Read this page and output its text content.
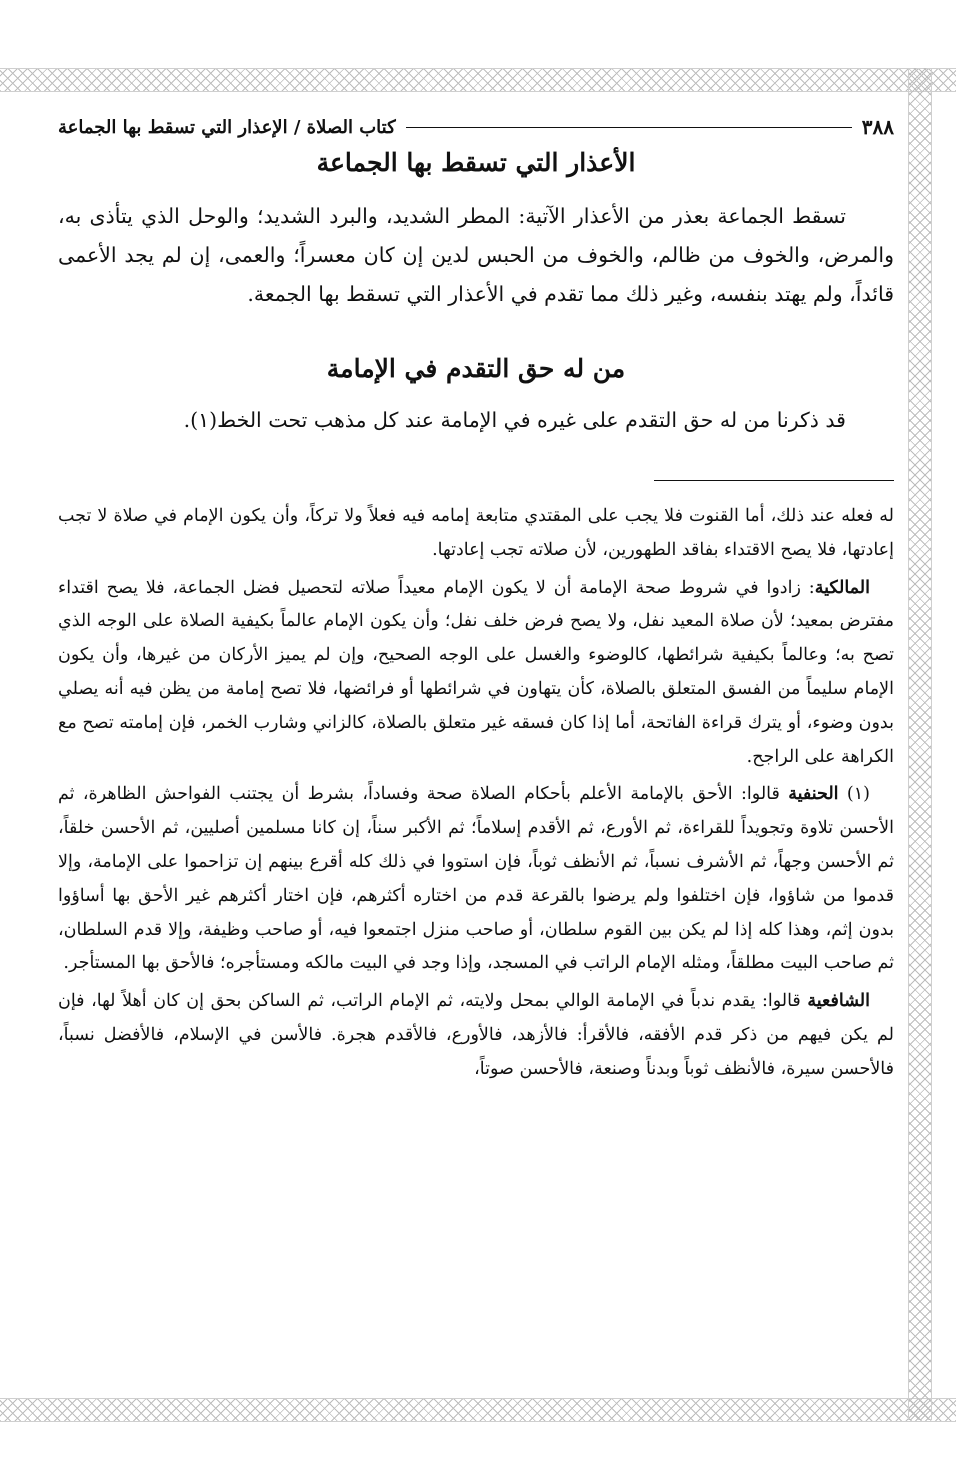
٣٨٨
كتاب الصلاة / الإعذار التي تسقط بها الجماعة
الأعذار التي تسقط بها الجماعة

تسقط الجماعة بعذر من الأعذار الآتية: المطر الشديد، والبرد الشديد؛ والوحل الذي يتأذى به، والمرض، والخوف من ظالم، والخوف من الحبس لدين إن كان معسراً؛ والعمى، إن لم يجد الأعمى قائداً، ولم يهتد بنفسه، وغير ذلك مما تقدم في الأعذار التي تسقط بها الجمعة.

من له حق التقدم في الإمامة

قد ذكرنا من له حق التقدم على غيره في الإمامة عند كل مذهب تحت الخط(١).

له فعله عند ذلك، أما القنوت فلا يجب على المقتدي متابعة إمامه فيه فعلاً ولا تركاً، وأن يكون الإمام في صلاة لا تجب إعادتها، فلا يصح الاقتداء بفاقد الطهورين، لأن صلاته تجب إعادتها.

المالكية: زادوا في شروط صحة الإمامة أن لا يكون الإمام معيداً صلاته لتحصيل فضل الجماعة، فلا يصح اقتداء مفترض بمعيد؛ لأن صلاة المعيد نفل، ولا يصح فرض خلف نفل؛ وأن يكون الإمام عالماً بكيفية الصلاة على الوجه الذي تصح به؛ وعالماً بكيفية شرائطها، كالوضوء والغسل على الوجه الصحيح، وإن لم يميز الأركان من غيرها، وأن يكون الإمام سليماً من الفسق المتعلق بالصلاة، كأن يتهاون في شرائطها أو فرائضها، فلا تصح إمامة من يظن فيه أنه يصلي بدون وضوء، أو يترك قراءة الفاتحة، أما إذا كان فسقه غير متعلق بالصلاة، كالزاني وشارب الخمر، فإن إمامته تصح مع الكراهة على الراجح.

(١) الحنفية قالوا: الأحق بالإمامة الأعلم بأحكام الصلاة صحة وفساداً، بشرط أن يجتنب الفواحش الظاهرة، ثم الأحسن تلاوة وتجويداً للقراءة، ثم الأورع، ثم الأقدم إسلاماً؛ ثم الأكبر سناً، إن كانا مسلمين أصليين، ثم الأحسن خلقاً، ثم الأحسن وجهاً، ثم الأشرف نسباً، ثم الأنظف ثوباً، فإن استووا في ذلك كله أقرع بينهم إن تزاحموا على الإمامة، وإلا قدموا من شاؤوا، فإن اختلفوا ولم يرضوا بالقرعة قدم من اختاره أكثرهم، فإن اختار أكثرهم غير الأحق بها أساؤوا بدون إثم، وهذا كله إذا لم يكن بين القوم سلطان، أو صاحب منزل اجتمعوا فيه، أو صاحب وظيفة، وإلا قدم السلطان، ثم صاحب البيت مطلقاً، ومثله الإمام الراتب في المسجد، وإذا وجد في البيت مالكه ومستأجره؛ فالأحق بها المستأجر.

الشافعية قالوا: يقدم ندباً في الإمامة الوالي بمحل ولايته، ثم الإمام الراتب، ثم الساكن بحق إن كان أهلاً لها، فإن لم يكن فيهم من ذكر قدم الأفقه، فالأقرأ: فالأزهد، فالأورع، فالأقدم هجرة. فالأسن في الإسلام، فالأفضل نسباً، فالأحسن سيرة، فالأنظف ثوباً وبدناً وصنعة، فالأحسن صوتاً،
